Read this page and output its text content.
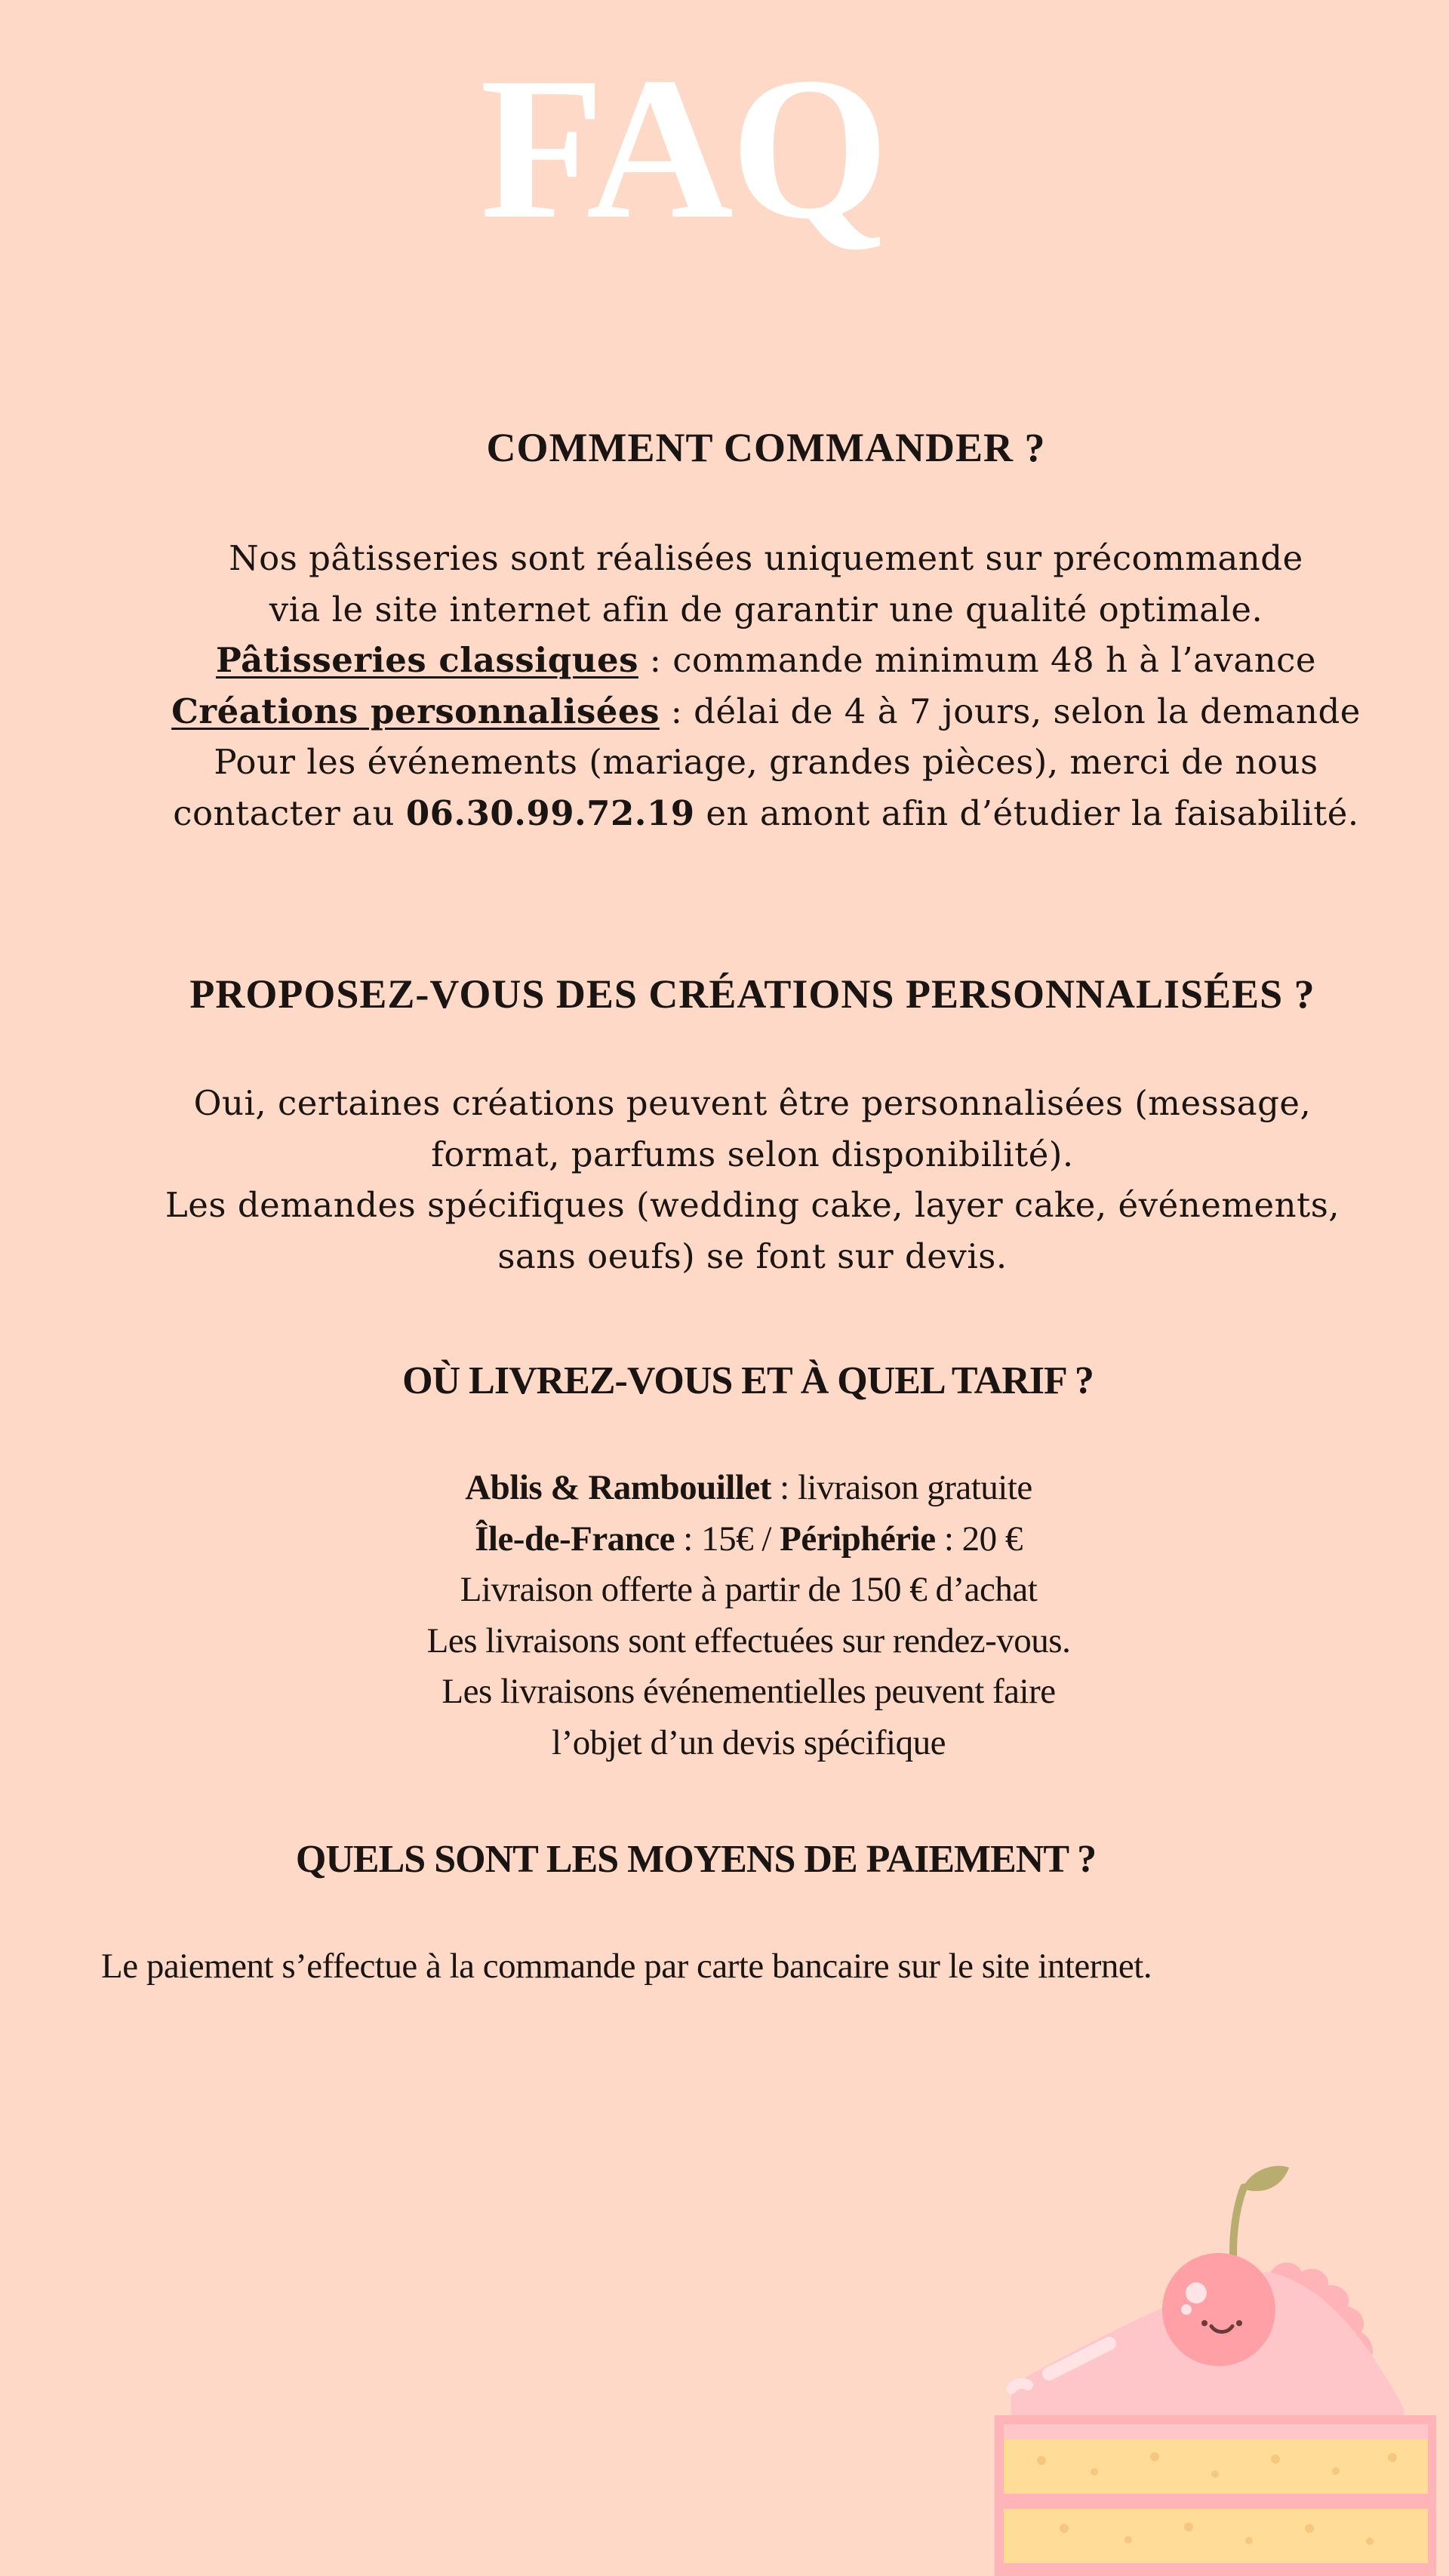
FAQ
COMMENT COMMANDER ?

Nos pâtisseries sont réalisées uniquement sur précommande

via le site internet afin de garantir une qualité optimale.

Pâtisseries classiques : commande minimum 48 h à l’avance

Créations personnalisées : délai de 4 à 7 jours, selon la demande

Pour les événements (mariage, grandes pièces), merci de nous

contacter au 06.30.99.72.19 en amont afin d’étudier la faisabilité.

PROPOSEZ-VOUS DES CRÉATIONS PERSONNALISÉES ?

Oui, certaines créations peuvent être personnalisées (message,

format, parfums selon disponibilité).

Les demandes spécifiques (wedding cake, layer cake, événements,

sans oeufs) se font sur devis.

OÙ LIVREZ-VOUS ET À QUEL TARIF ?

Ablis & Rambouillet : livraison gratuite

Île-de-France : 15€ / Périphérie : 20 €

Livraison offerte à partir de 150 € d’achat

Les livraisons sont effectuées sur rendez-vous.

Les livraisons événementielles peuvent faire

l’objet d’un devis spécifique

QUELS SONT LES MOYENS DE PAIEMENT ?

Le paiement s’effectue à la commande par carte bancaire sur le site internet.
